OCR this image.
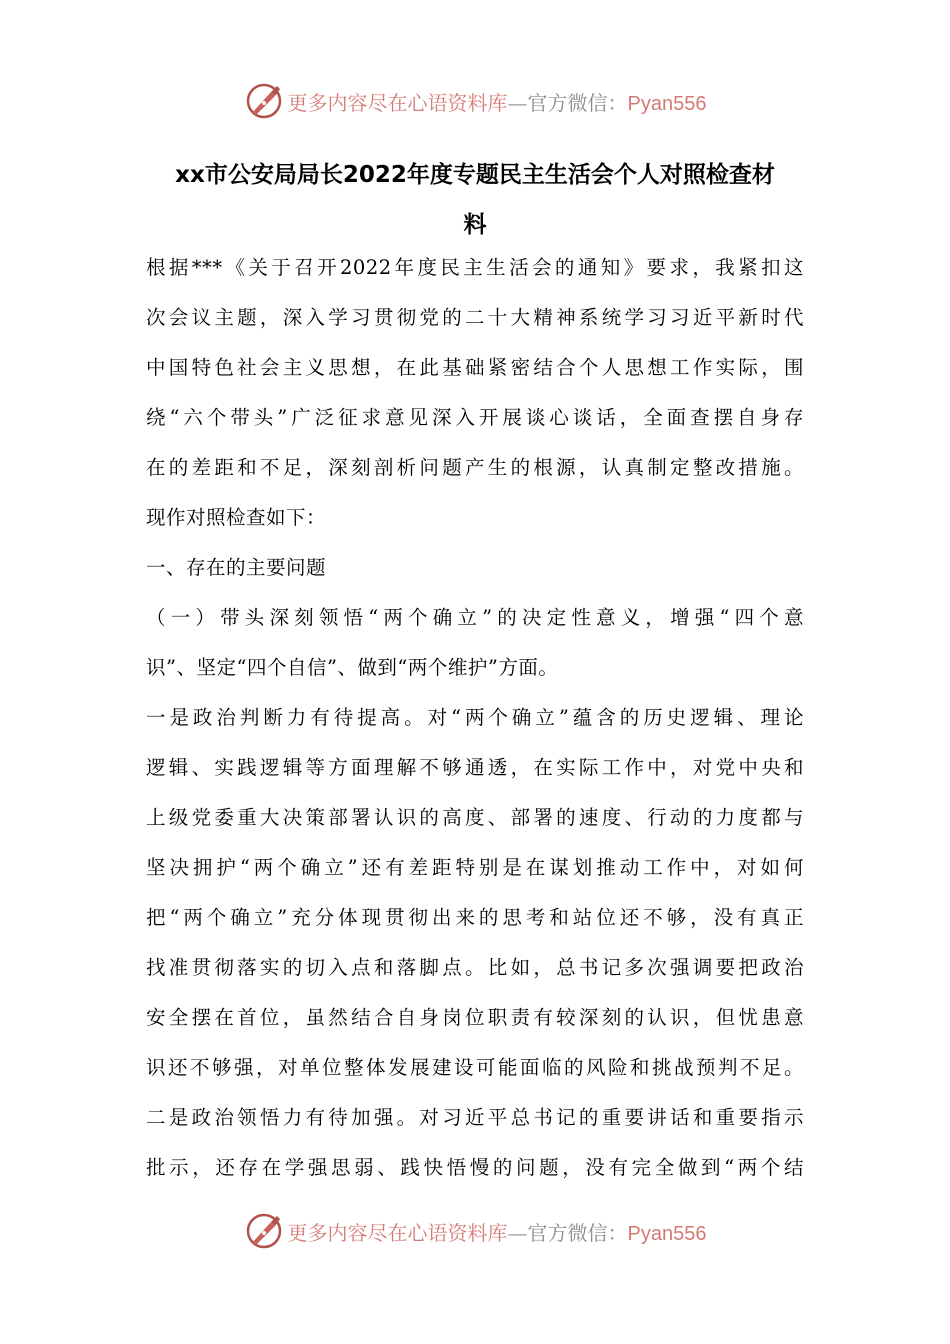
更多内容尽在心语资料库—官方微信：Pyan556
xx市公安局局长2022年度专题民主生活会个人对照检查材
料
根据***《关于召开2022年度民主生活会的通知》要求，我紧扣这
次会议主题，深入学习贯彻党的二十大精神系统学习习近平新时代
中国特色社会主义思想，在此基础紧密结合个人思想工作实际，围
绕“六个带头”广泛征求意见深入开展谈心谈话，全面查摆自身存
在的差距和不足，深刻剖析问题产生的根源，认真制定整改措施。
现作对照检查如下：
一、存在的主要问题
（一）带头深刻领悟“两个确立”的决定性意义，增强“四个意
识”、坚定“四个自信”、做到“两个维护”方面。
一是政治判断力有待提高。对“两个确立”蕴含的历史逻辑、理论
逻辑、实践逻辑等方面理解不够通透，在实际工作中，对党中央和
上级党委重大决策部署认识的高度、部署的速度、行动的力度都与
坚决拥护“两个确立”还有差距特别是在谋划推动工作中，对如何
把“两个确立”充分体现贯彻出来的思考和站位还不够，没有真正
找准贯彻落实的切入点和落脚点。比如，总书记多次强调要把政治
安全摆在首位，虽然结合自身岗位职责有较深刻的认识，但忧患意
识还不够强，对单位整体发展建设可能面临的风险和挑战预判不足。
二是政治领悟力有待加强。对习近平总书记的重要讲话和重要指示
批示，还存在学强思弱、践快悟慢的问题，没有完全做到“两个结
更多内容尽在心语资料库—官方微信：Pyan556
